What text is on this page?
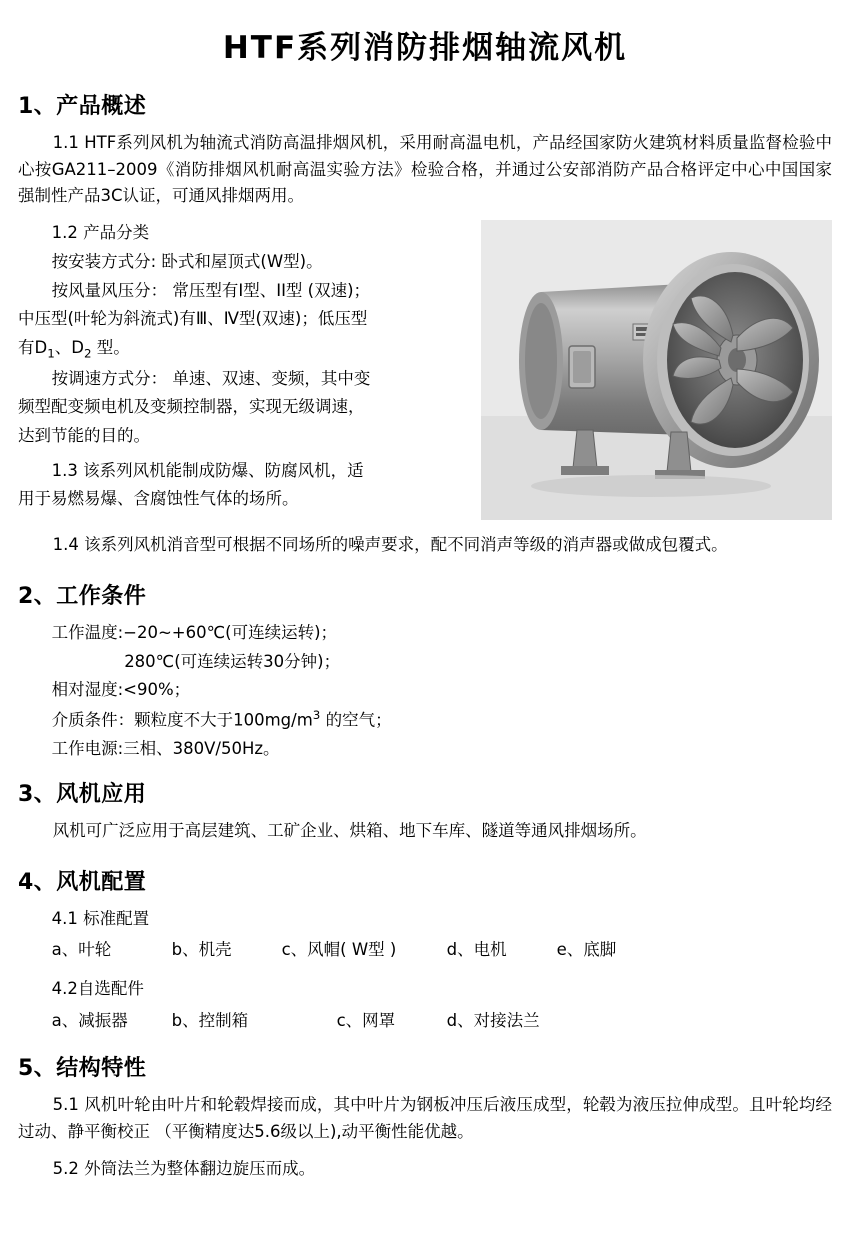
HTF系列消防排烟轴流风机
1、产品概述

1.1 HTF系列风机为轴流式消防高温排烟风机，采用耐高温电机，产品经国家防火建筑材料质量监督检验中心按GA211–2009《消防排烟风机耐高温实验方法》检验合格，并通过公安部消防产品合格评定中心中国国家强制性产品3C认证，可通风排烟两用。

1.2 产品分类

按安装方式分: 卧式和屋顶式(W型)。

按风量风压分： 常压型有I型、II型 (双速)；

中压型(叶轮为斜流式)有Ⅲ、Ⅳ型(双速)；低压型

有$D_1$、$D_2$ 型。

按调速方式分： 单速、双速、变频，其中变

频型配变频电机及变频控制器，实现无级调速，

达到节能的目的。

1.3 该系列风机能制成防爆、防腐风机，适

用于易燃易爆、含腐蚀性气体的场所。

1.4 该系列风机消音型可根据不同场所的噪声要求，配不同消声等级的消声器或做成包覆式。

2、工作条件

工作温度:−20~+60℃(可连续运转)；

280℃(可连续运转30分钟)；

相对湿度:<90%；

介质条件：颗粒度不大于$100mg/m^3$ 的空气；

工作电源:三相、380V/50Hz。

3、风机应用

风机可广泛应用于高层建筑、工矿企业、烘箱、地下车库、隧道等通风排烟场所。

4、风机配置

4.1 标准配置

a、叶轮	b、机壳	c、风帽( W型 )	d、电机	e、底脚

4.2自选配件

a、减振器	b、控制箱	c、网罩	d、对接法兰
5、结构特性

5.1 风机叶轮由叶片和轮毂焊接而成，其中叶片为钢板冲压后液压成型，轮毂为液压拉伸成型。且叶轮均经过动、静平衡校正 （平衡精度达5.6级以上),动平衡性能优越。

5.2 外筒法兰为整体翻边旋压而成。
